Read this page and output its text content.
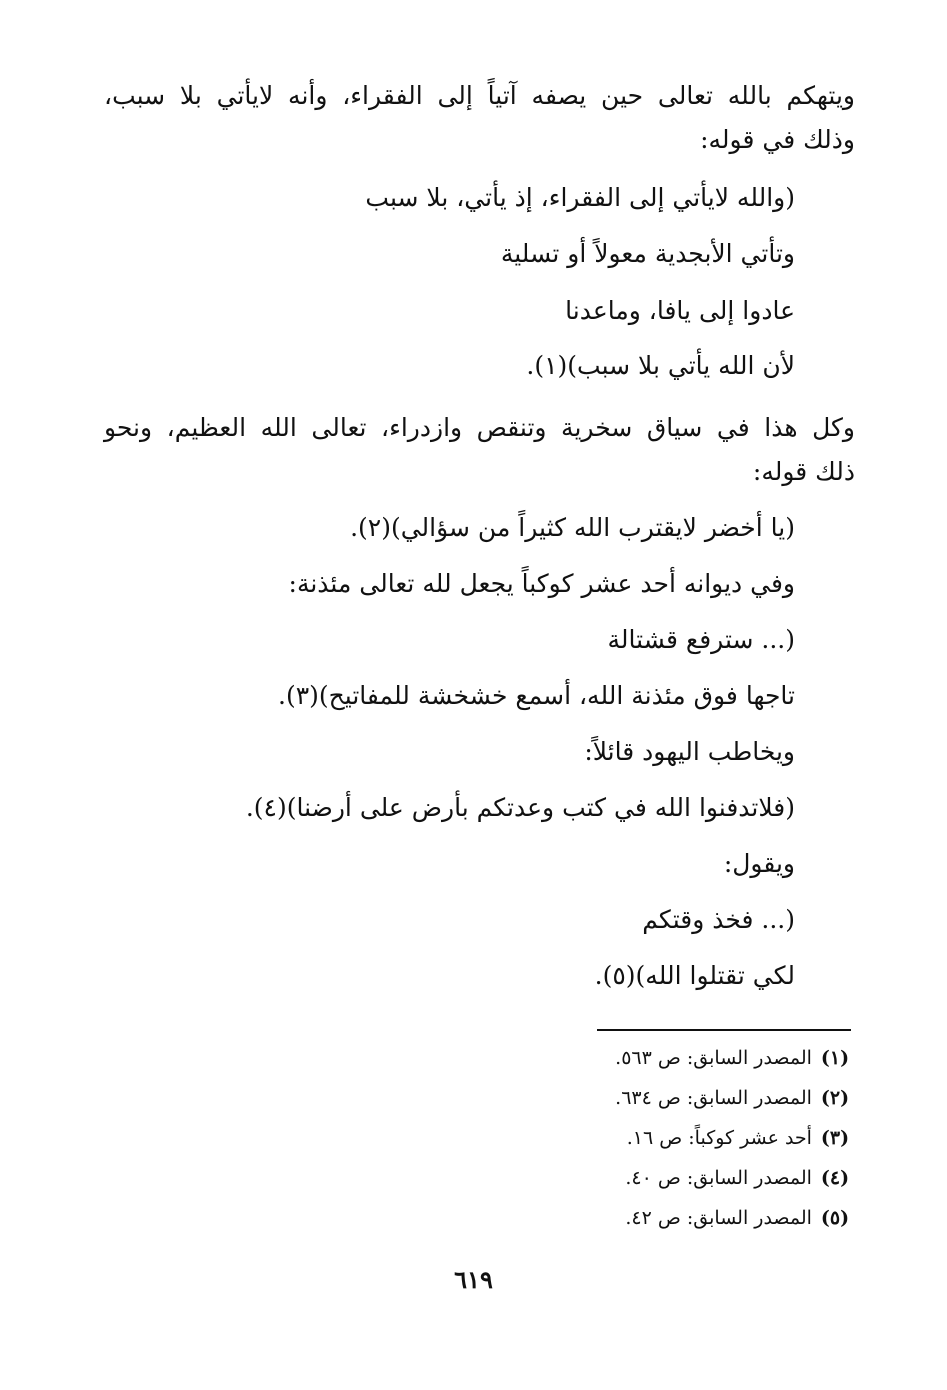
ويتهكم بالله تعالى حين يصفه آتياً إلى الفقراء، وأنه لايأتي بلا سبب،
وذلك في قوله:
(والله لايأتي إلى الفقراء، إذ يأتي، بلا سبب
وتأتي الأبجدية معولاً أو تسلية
عادوا إلى يافا، وماعدنا
لأن الله يأتي بلا سبب)(١).
وكل هذا في سياق سخرية وتنقص وازدراء، تعالى الله العظيم، ونحو
ذلك قوله:
(يا أخضر لايقترب الله كثيراً من سؤالي)(٢).
وفي ديوانه أحد عشر كوكباً يجعل لله تعالى مئذنة:
(... سترفع قشتالة
تاجها فوق مئذنة الله، أسمع خشخشة للمفاتيح)(٣).
ويخاطب اليهود قائلاً:
(فلاتدفنوا الله في كتب وعدتكم بأرض على أرضنا)(٤).
ويقول:
(... فخذ وقتكم
لكي تقتلوا الله)(٥).
(١) المصدر السابق: ص ٥٦٣.
(٢) المصدر السابق: ص ٦٣٤.
(٣) أحد عشر كوكباً: ص ١٦.
(٤) المصدر السابق: ص ٤٠.
(٥) المصدر السابق: ص ٤٢.
٦١٩
